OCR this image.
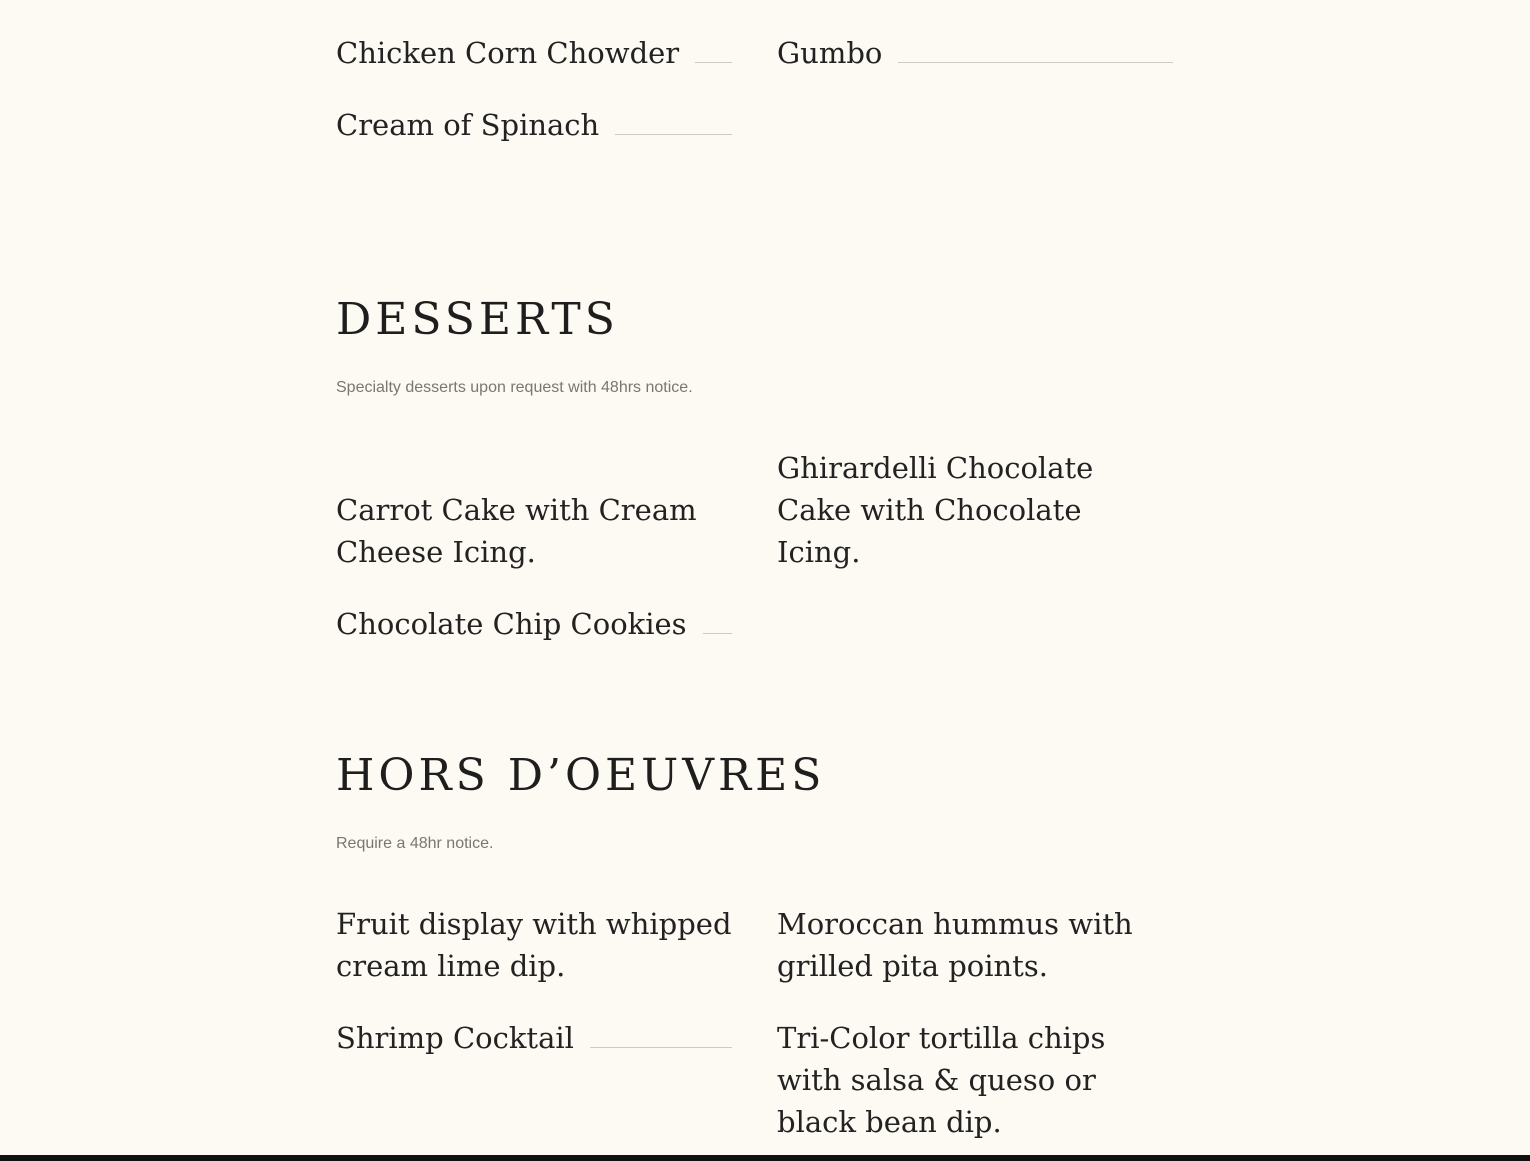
Chicken Corn Chowder	Gumbo
Cream of Spinach
DESSERTS

Specialty desserts upon request with 48hrs notice.

Carrot Cake with Cream Cheese Icing.
Ghirardelli Chocolate Cake with Chocolate Icing.
Chocolate Chip Cookies
HORS D’OEUVRES

Require a 48hr notice.

Fruit display with whipped cream lime dip.
Moroccan hummus with grilled pita points.
Shrimp Cocktail	Tri-Color tortilla chips with salsa & queso or black bean dip.
